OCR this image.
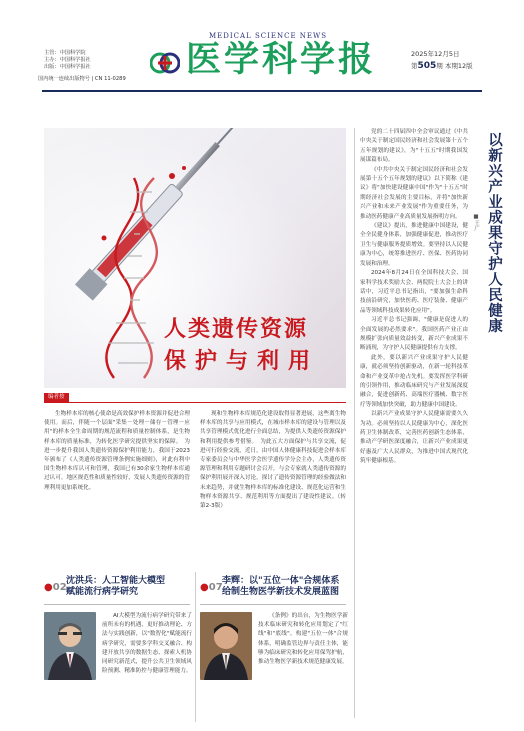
主管：中国科学院
主办：中国科学报社
出版：中国科学报社
国内统一连续出版物号 | CN 11-0289
MEDICAL SCIENCE NEWS
医学科学报	2025年12月5日
第505期 本期12版
人类遗传资源
保护与利用
编者按
生物样本库的核心使命是高效保护样本资源并促进合理使用。而后，伴随一个层面"采集－处理－储存－管理－应用"的样本全生命周期的规范流程和质量控制体系，是生物样本库的质量标准，为转化医学研究提供坚实的保障。　为进一步提升我国人类遗传资源保护利用能力，我国于2023年颁布了《人类遗传资源管理条例实施细则》，对此有利中国生物样本库认可和管理，我国已有30余家生物样本库通过认可。地区规范性和质量性较好，发展人类遗传资源的管理利用更加系统化。
现和生物样本库规范化建设取得显著进展，这些离生物样本库的共享与应用模式，在城市样本库的建设与管理以及共享管理模式优化进行全面总结，为提供人类遗传资源保护和利用提供参考借鉴。　为此五大方面保护与共享交流，促进可行经验交流，近日，由中国人体健康科技促进会样本库专家委员会与中华医学会医学遗传学分会主办，人类遗传资源管理和利用专题研讨会召开，与会专家就人类遗传资源的保护利用展开深入讨论，探讨了遗传资源管理的经验做法和未来趋势，并就生物样本库的标准化建设、规范化运营和生物样本资源共享、规范利用等方面提出了建设性建议。（转第2-3版）
以新兴产业成果守护人民健康
■王广

党的二十四届四中全会审议通过《中共中央关于制定国民经济和社会发展第十五个五年规划的建议》，为"十五五"时期我国发展谋篇布局。

《中共中央关于制定国民经济和社会发展第十五个五年规划的建议》以下简称《建议》将"加快建设健康中国"作为"十五五"时期经济社会发展的主要目标，并将"加快新兴产业和未来产业发展"作为重要任务，为推动医药健康产业高质量发展指明方向。

《建议》提出，推进健康中国建设，健全全民健身体系，加强健康促进，推动医疗卫生与健康服务提质增效。要坚持以人民健康为中心，统筹推进医疗、医保、医药协同发展和治理。

2024年8月24日在全国科技大会、国家科学技术奖励大会、两院院士大会上的讲话中，习近平总书记指出，"要加强生命科技前沿研究，加快医药、医疗装备、健康产品等领域科技成果转化应用"。

习近平总书记强调，"健康是促进人的全面发展的必然要求"。我国医药产业正由规模扩张向质量效益转变，新兴产业成果不断涌现，为守护人民健康提供有力支撑。

此外，要以新兴产业成果守护人民健康，就必须坚持创新驱动，在新一轮科技革命和产业变革中抢占先机。要发挥医学科研的引领作用，推动临床研究与产业发展深度融合，促进创新药、高端医疗器械、数字医疗等领域加快突破，助力健康中国建设。

以新兴产业成果守护人民健康需要久久为功。必须坚持以人民健康为中心，深化医药卫生体制改革，完善医药创新生态体系，推动产学研医深度融合，让新兴产业成果更好惠及广大人民群众，为推进中国式现代化筑牢健康根基。

●02
沈洪兵：人工智能大模型
赋能流行病学研究
AI大模型为流行病学研究带来了前所未有的机遇，更好推动理论、方法与实践创新，以"数智化"赋能流行病学研究，需要多学科交叉融合、构建开放共享的数据生态、探索人机协同研究新范式，提升公共卫生领域风险预测、精准防控与健康管理能力。
●07
李辉：以"五位一体"合规体系
给制生物医学新技术发展蓝图
《条例》的出台，为生物医学新技术临床研究和转化应用划定了"红线"和"底线"。构建"五位一体"合规体系，明确监管边界与责任主体，能够为临床研究和转化应用保驾护航，推动生物医学新技术规范健康发展。
